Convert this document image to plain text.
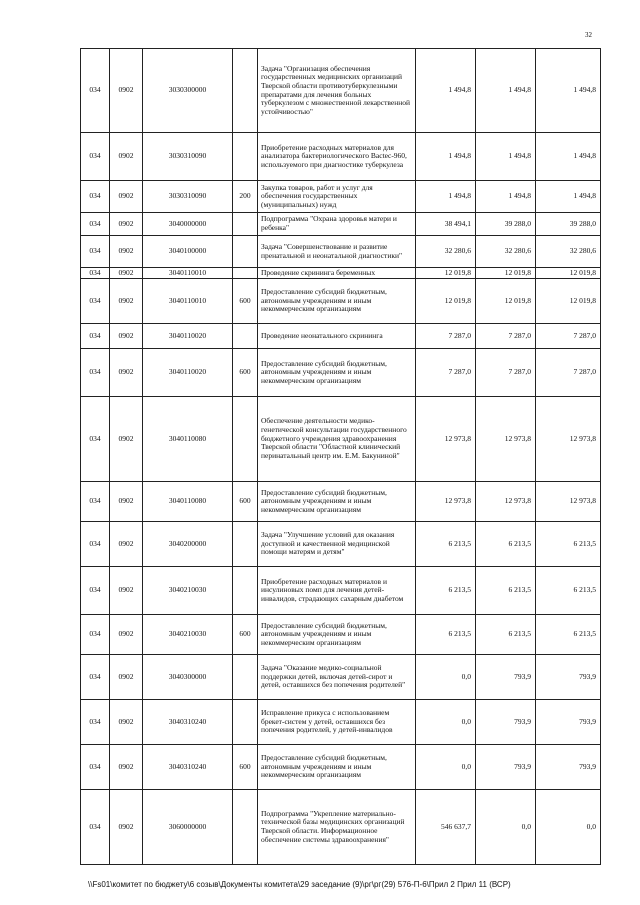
32
034	0902	3030300000		Задача "Организация обеспечения государственных медицинских организаций Тверской области противотуберкулезными препаратами для лечения больных туберкулезом с множественной лекарственной устойчивостью"	1 494,8	1 494,8	1 494,8
034	0902	3030310090		Приобретение расходных материалов для анализатора бактериологического Bactec-960, используемого при диагностике туберкулеза	1 494,8	1 494,8	1 494,8
034	0902	3030310090	200	Закупка товаров, работ и услуг для обеспечения государственных (муниципальных) нужд	1 494,8	1 494,8	1 494,8
034	0902	3040000000		Подпрограмма "Охрана здоровья матери и ребенка"	38 494,1	39 288,0	39 288,0
034	0902	3040100000		Задача "Совершенствование и развитие пренатальной и неонатальной диагностики"	32 280,6	32 280,6	32 280,6
034	0902	3040110010		Проведение скрининга беременных	12 019,8	12 019,8	12 019,8
034	0902	3040110010	600	Предоставление субсидий бюджетным, автономным учреждениям и иным некоммерческим организациям	12 019,8	12 019,8	12 019,8
034	0902	3040110020		Проведение неонатального скрининга	7 287,0	7 287,0	7 287,0
034	0902	3040110020	600	Предоставление субсидий бюджетным, автономным учреждениям и иным некоммерческим организациям	7 287,0	7 287,0	7 287,0
034	0902	3040110080		Обеспечение деятельности медико-генетической консультации государственного бюджетного учреждения здравоохранения Тверской области "Областной клинический перинатальный центр им. Е.М. Бакуниной"	12 973,8	12 973,8	12 973,8
034	0902	3040110080	600	Предоставление субсидий бюджетным, автономным учреждениям и иным некоммерческим организациям	12 973,8	12 973,8	12 973,8
034	0902	3040200000		Задача "Улучшение условий для оказания доступной и качественной медицинской помощи матерям и детям"	6 213,5	6 213,5	6 213,5
034	0902	3040210030		Приобретение расходных материалов и инсулиновых помп для лечения детей-инвалидов, страдающих сахарным диабетом	6 213,5	6 213,5	6 213,5
034	0902	3040210030	600	Предоставление субсидий бюджетным, автономным учреждениям и иным некоммерческим организациям	6 213,5	6 213,5	6 213,5
034	0902	3040300000		Задача "Оказание медико-социальной поддержки детей, включая детей-сирот и детей, оставшихся без попечения родителей"	0,0	793,9	793,9
034	0902	3040310240		Исправление прикуса с использованием брекет-систем у детей, оставшихся без попечения родителей, у детей-инвалидов	0,0	793,9	793,9
034	0902	3040310240	600	Предоставление субсидий бюджетным, автономным учреждениям и иным некоммерческим организациям	0,0	793,9	793,9
034	0902	3060000000		Подпрограмма "Укрепление материально-технической базы медицинских организаций Тверской области. Информационное обеспечение системы здравоохранения"	546 637,7	0,0	0,0
\\Fs01\комитет по бюджету\6 созыв\Документы комитета\29 заседание (9)\рг\рг(29) 576-П-6\Прил 2 Прил 11 (ВСР)
